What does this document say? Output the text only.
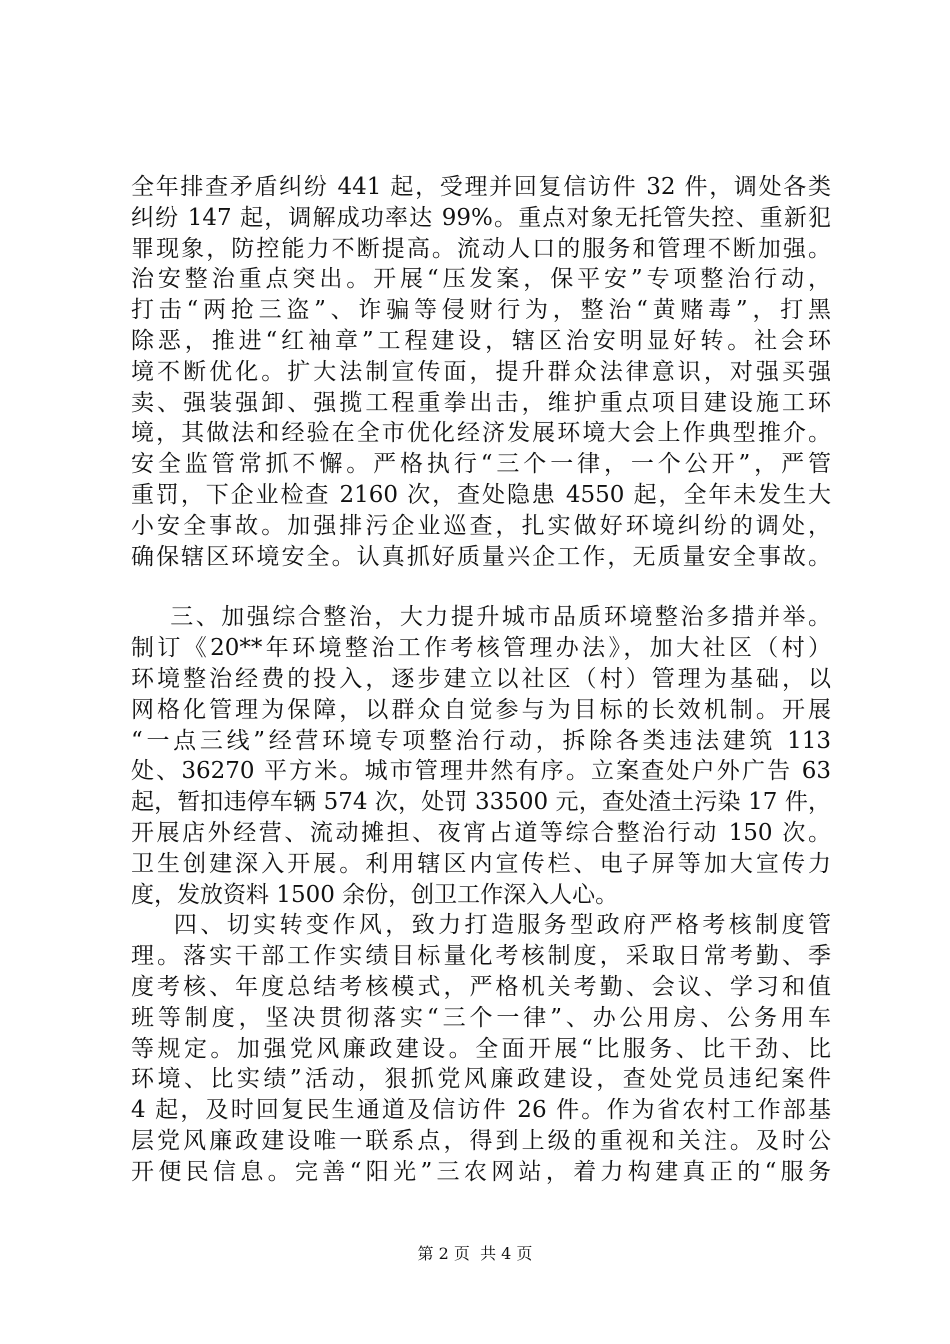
全年排查矛盾纠纷 441 起，受理并回复信访件 32 件，调处各类
纠纷 147 起，调解成功率达 99%。重点对象无托管失控、重新犯
罪现象，防控能力不断提高。流动人口的服务和管理不断加强。
治安整治重点突出。开展“压发案，保平安”专项整治行动，
打击“两抢三盗”、诈骗等侵财行为，整治“黄赌毒”，打黑
除恶，推进“红袖章”工程建设，辖区治安明显好转。社会环
境不断优化。扩大法制宣传面，提升群众法律意识，对强买强
卖、强装强卸、强揽工程重拳出击，维护重点项目建设施工环
境，其做法和经验在全市优化经济发展环境大会上作典型推介。
安全监管常抓不懈。严格执行“三个一律，一个公开”，严管
重罚，下企业检查 2160 次，查处隐患 4550 起，全年未发生大
小安全事故。加强排污企业巡查，扎实做好环境纠纷的调处，
确保辖区环境安全。认真抓好质量兴企工作，无质量安全事故。
三、加强综合整治，大力提升城市品质环境整治多措并举。
制订《20**年环境整治工作考核管理办法》，加大社区（村）
环境整治经费的投入，逐步建立以社区（村）管理为基础，以
网格化管理为保障，以群众自觉参与为目标的长效机制。开展
“一点三线”经营环境专项整治行动，拆除各类违法建筑 113
处、36270 平方米。城市管理井然有序。立案查处户外广告 63
起，暂扣违停车辆 574 次，处罚 33500 元，查处渣土污染 17 件，
开展店外经营、流动摊担、夜宵占道等综合整治行动 150 次。
卫生创建深入开展。利用辖区内宣传栏、电子屏等加大宣传力
度，发放资料 1500 余份，创卫工作深入人心。
四、切实转变作风，致力打造服务型政府严格考核制度管
理。落实干部工作实绩目标量化考核制度，采取日常考勤、季
度考核、年度总结考核模式，严格机关考勤、会议、学习和值
班等制度，坚决贯彻落实“三个一律”、办公用房、公务用车
等规定。加强党风廉政建设。全面开展“比服务、比干劲、比
环境、比实绩”活动，狠抓党风廉政建设，查处党员违纪案件
4 起，及时回复民生通道及信访件 26 件。作为省农村工作部基
层党风廉政建设唯一联系点，得到上级的重视和关注。及时公
开便民信息。完善“阳光”三农网站，着力构建真正的“服务
第 2 页  共 4 页
